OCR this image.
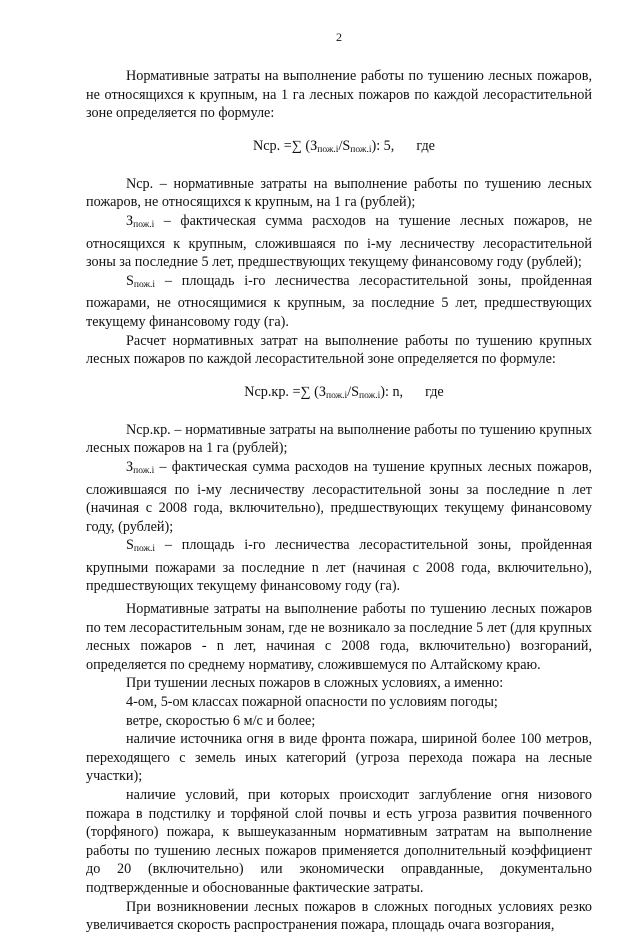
2

Нормативные затраты на выполнение работы по тушению лесных пожаров, не относящихся к крупным, на 1 га лесных пожаров по каждой лесорастительной зоне определяется по формуле:

Nср. =∑ $(З_{пож.i}/S_{пож.i})$: 5, где

Nср. – нормативные затраты на выполнение работы по тушению лесных пожаров, не относящихся к крупным, на 1 га (рублей);

$З_{пож.i}$ – фактическая сумма расходов на тушение лесных пожаров, не относящихся к крупным, сложившаяся по i-му лесничеству лесорастительной зоны за последние 5 лет, предшествующих текущему финансовому году (рублей);

$S_{пож.i}$ – площадь i-го лесничества лесорастительной зоны, пройденная пожарами, не относящимися к крупным, за последние 5 лет, предшествующих текущему финансовому году (га).

Расчет нормативных затрат на выполнение работы по тушению крупных лесных пожаров по каждой лесорастительной зоне определяется по формуле:

Nср.кр. =∑ $(З_{пож.i}/S_{пож.i})$: n, где

Nср.кр. – нормативные затраты на выполнение работы по тушению крупных лесных пожаров на 1 га (рублей);

$З_{пож.i}$ – фактическая сумма расходов на тушение крупных лесных пожаров, сложившаяся по i-му лесничеству лесорастительной зоны за последние n лет (начиная с 2008 года, включительно), предшествующих текущему финансовому году, (рублей);

$S_{пож.i}$ – площадь i-го лесничества лесорастительной зоны, пройденная крупными пожарами за последние n лет (начиная с 2008 года, включительно), предшествующих текущему финансовому году (га).

Нормативные затраты на выполнение работы по тушению лесных пожаров по тем лесорастительным зонам, где не возникало за последние 5 лет (для крупных лесных пожаров - n лет, начиная с 2008 года, включительно) возгораний, определяется по среднему нормативу, сложившемуся по Алтайскому краю.

При тушении лесных пожаров в сложных условиях, а именно:

4-ом, 5-ом классах пожарной опасности по условиям погоды;

ветре, скоростью 6 м/с и более;

наличие источника огня в виде фронта пожара, шириной более 100 метров, переходящего с земель иных категорий (угроза перехода пожара на лесные участки);

наличие условий, при которых происходит заглубление огня низового пожара в подстилку и торфяной слой почвы и есть угроза развития почвенного (торфяного) пожара, к вышеуказанным нормативным затратам на выполнение работы по тушению лесных пожаров применяется дополнительный коэффициент до 20 (включительно) или экономически оправданные, документально подтвержденные и обоснованные фактические затраты.

При возникновении лесных пожаров в сложных погодных условиях резко увеличивается скорость распространения пожара, площадь очага возгорания,
